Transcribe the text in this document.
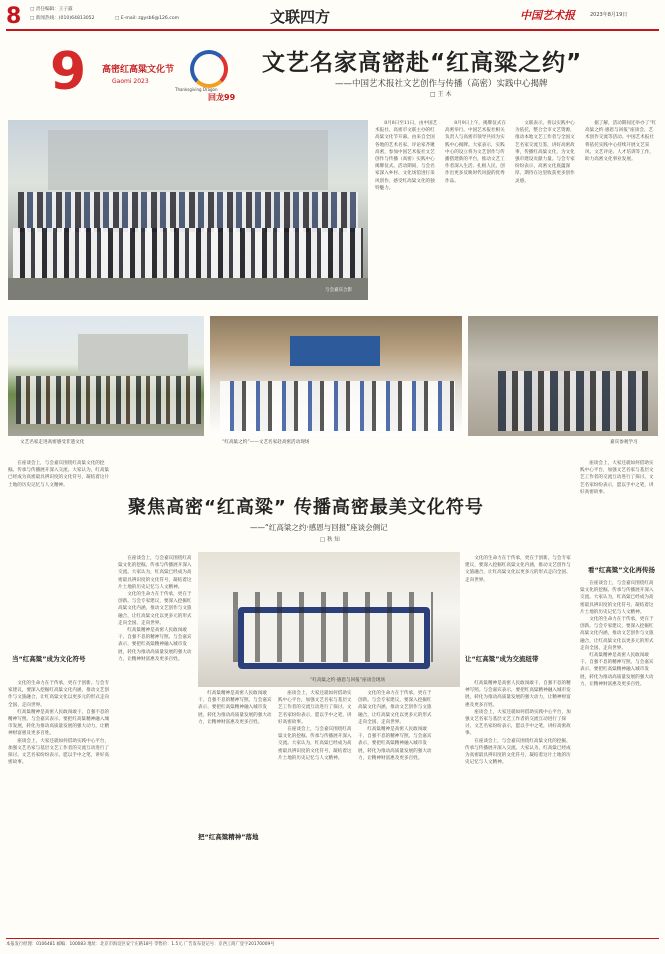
8 □ 责任编辑：王子露
□ 新闻热线：(010)64813052	□ E-mail: zgysb6@126.com	文联四方	中国艺术报	2023年8月19日
9 高密红高粱文化节
Gaomi 2023
Thanksgiving Dragon
回龙99
文艺名家高密赴“红高粱之约”
——中国艺术报社文艺创作与传播（高密）实践中心揭牌
□ 王 木
与会嘉宾合影

8月8日至11日，由中国艺术报社、高密市文联主办的红高粱文化节开幕。由来自全国各地的艺术名家、评论家齐聚高密，参加中国艺术报社文艺创作与传播（高密）实践中心揭牌仪式。活动期间，与会名家深入乡村、文化场馆进行采风创作，感受红高粱文化的独特魅力。

8月9日上午，揭牌仪式在高密举行。中国艺术报社相关负责人与高密市领导共同为实践中心揭牌。大家表示，实践中心的设立将为文艺创作与传播搭建新的平台，推动文艺工作者深入生活、扎根人民，创作出更多反映时代风貌的优秀作品。

文联表示，将以实践中心为依托，整合全市文艺资源，推动本地文艺工作者与全国文艺名家交流互鉴，讲好高密故事，传播红高粱文化，为文化强市建设贡献力量。与会专家纷纷表示，高密文化底蕴深厚，期待在这里收获更多创作灵感。

据了解，活动期间还举办了“红高粱之约·感恩与回报”座谈会、艺术创作交流等活动。中国艺术报社将依托实践中心持续开展文艺采风、文艺评论、人才培训等工作，助力高密文化事业发展。

文艺名家走进高密感受非遗文化	“红高粱之约”——文艺名家赴高密活动现场	嘉宾参观学习

在座谈会上，与会嘉宾围绕红高粱文化的挖掘、传承与传播展开深入交流。大家认为，红高粱已经成为高密最具辨识度的文化符号，凝结着这片土地的历史记忆与人文精神。

聚焦高密“红高粱” 传播高密最美文化符号
——“红高粱之约·感恩与回报”座谈会侧记
□ 秋 知

座谈会上，大家还就如何借助实践中心平台，加强文艺名家与基层文艺工作者的交流互动进行了探讨。文艺名家纷纷表示，愿以手中之笔，讲好高密故事。

当“红高粱”成为文化符号

文化的生命力在于传承，更在于创新。与会专家建议，要深入挖掘红高粱文化内涵，推动文艺创作与文旅融合，让红高粱文化以更多元的形式走向全国、走向世界。

红高粱精神是高密人民敢闯敢干、自强不息的精神写照。与会嘉宾表示，要把红高粱精神融入城市发展，转化为推动高质量发展的强大动力，让精神财富惠及更多百姓。

座谈会上，大家还就如何借助实践中心平台，加强文艺名家与基层文艺工作者的交流互动进行了探讨。文艺名家纷纷表示，愿以手中之笔，讲好高密故事。

在座谈会上，与会嘉宾围绕红高粱文化的挖掘、传承与传播展开深入交流。大家认为，红高粱已经成为高密最具辨识度的文化符号，凝结着这片土地的历史记忆与人文精神。

文化的生命力在于传承，更在于创新。与会专家建议，要深入挖掘红高粱文化内涵，推动文艺创作与文旅融合，让红高粱文化以更多元的形式走向全国、走向世界。

红高粱精神是高密人民敢闯敢干、自强不息的精神写照。与会嘉宾表示，要把红高粱精神融入城市发展，转化为推动高质量发展的强大动力，让精神财富惠及更多百姓。

把“红高粱精神”落地
“红高粱之约·感恩与回报”座谈会现场

红高粱精神是高密人民敢闯敢干、自强不息的精神写照。与会嘉宾表示，要把红高粱精神融入城市发展，转化为推动高质量发展的强大动力，让精神财富惠及更多百姓。

座谈会上，大家还就如何借助实践中心平台，加强文艺名家与基层文艺工作者的交流互动进行了探讨。文艺名家纷纷表示，愿以手中之笔，讲好高密故事。

在座谈会上，与会嘉宾围绕红高粱文化的挖掘、传承与传播展开深入交流。大家认为，红高粱已经成为高密最具辨识度的文化符号，凝结着这片土地的历史记忆与人文精神。

文化的生命力在于传承，更在于创新。与会专家建议，要深入挖掘红高粱文化内涵，推动文艺创作与文旅融合，让红高粱文化以更多元的形式走向全国、走向世界。

红高粱精神是高密人民敢闯敢干、自强不息的精神写照。与会嘉宾表示，要把红高粱精神融入城市发展，转化为推动高质量发展的强大动力，让精神财富惠及更多百姓。

让“红高粱”成为交流纽带

文化的生命力在于传承，更在于创新。与会专家建议，要深入挖掘红高粱文化内涵，推动文艺创作与文旅融合，让红高粱文化以更多元的形式走向全国、走向世界。

红高粱精神是高密人民敢闯敢干、自强不息的精神写照。与会嘉宾表示，要把红高粱精神融入城市发展，转化为推动高质量发展的强大动力，让精神财富惠及更多百姓。

座谈会上，大家还就如何借助实践中心平台，加强文艺名家与基层文艺工作者的交流互动进行了探讨。文艺名家纷纷表示，愿以手中之笔，讲好高密故事。

在座谈会上，与会嘉宾围绕红高粱文化的挖掘、传承与传播展开深入交流。大家认为，红高粱已经成为高密最具辨识度的文化符号，凝结着这片土地的历史记忆与人文精神。

看“红高粱”文化再传扬

在座谈会上，与会嘉宾围绕红高粱文化的挖掘、传承与传播展开深入交流。大家认为，红高粱已经成为高密最具辨识度的文化符号，凝结着这片土地的历史记忆与人文精神。

文化的生命力在于传承，更在于创新。与会专家建议，要深入挖掘红高粱文化内涵，推动文艺创作与文旅融合，让红高粱文化以更多元的形式走向全国、走向世界。

红高粱精神是高密人民敢闯敢干、自强不息的精神写照。与会嘉宾表示，要把红高粱精神融入城市发展，转化为推动高质量发展的强大动力，让精神财富惠及更多百姓。

本报发行经理：0106481 邮编：100083 地址：北京市海淀区安宁庄路18号 零售价：1.5元 广告发布登记号：京西工商广登字20170009号
